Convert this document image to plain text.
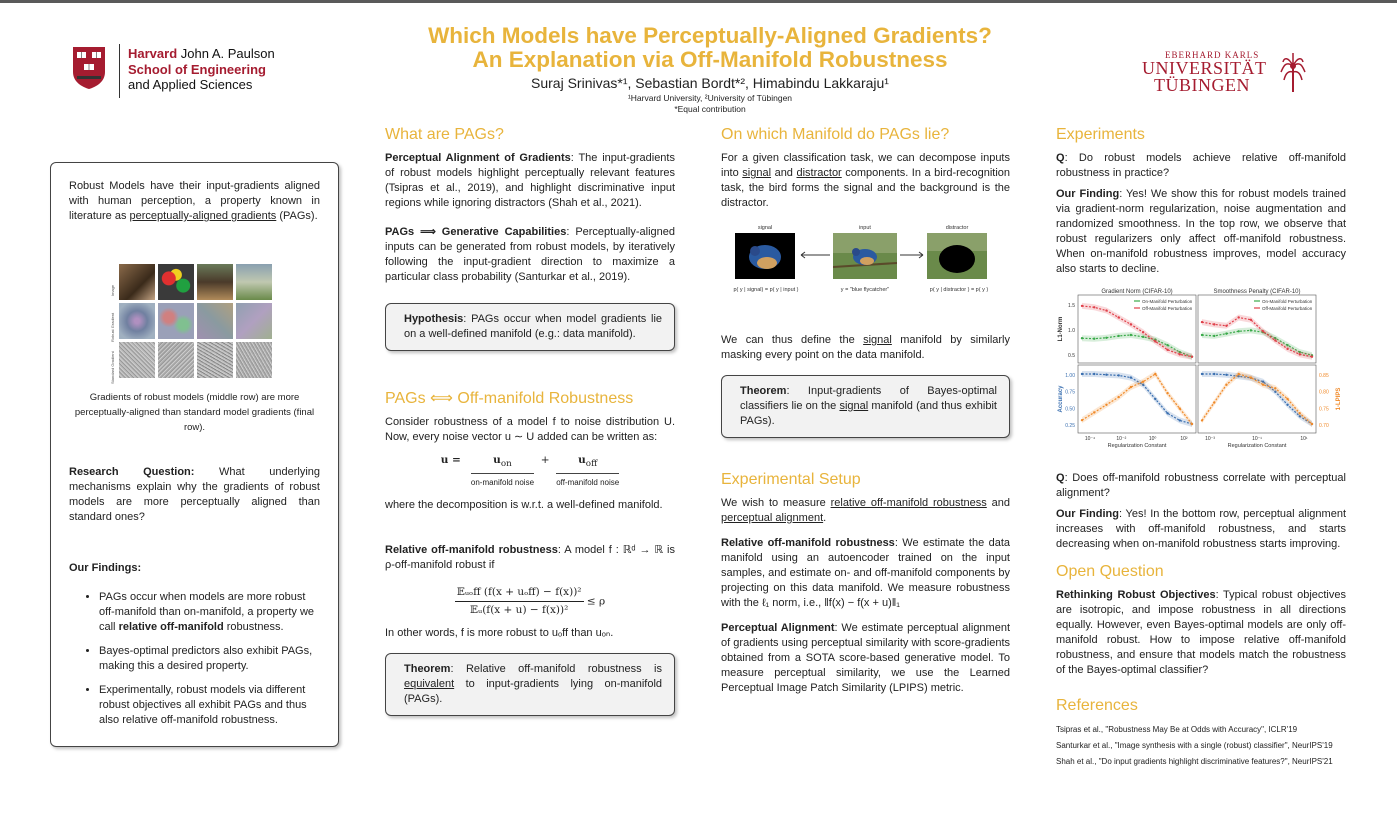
Harvard John A. Paulson
School of Engineering
and Applied Sciences
Which Models have Perceptually-Aligned Gradients?
An Explanation via Off-Manifold Robustness
Suraj Srinivas*¹, Sebastian Bordt*², Himabindu Lakkaraju¹
¹Harvard University, ²University of Tübingen
*Equal contribution
EBERHARD KARLS
UNIVERSITÄT
TÜBINGEN

Robust Models have their input-gradients aligned with human perception, a property known in literature as perceptually-aligned gradients (PAGs).

Image
Robust Gradient
Standard Gradient

Gradients of robust models (middle row) are more perceptually-aligned than standard model gradients (final row).

Research Question: What underlying mechanisms explain why the gradients of robust models are more perceptually aligned than standard ones?

Our Findings:

• PAGs occur when models are more robust off-manifold than on-manifold, a property we call relative off-manifold robustness.
• Bayes-optimal predictors also exhibit PAGs, making this a desired property.
• Experimentally, robust models via different robust objectives all exhibit PAGs and thus also relative off-manifold robustness.
What are PAGs?

Perceptual Alignment of Gradients: The input-gradients of robust models highlight perceptually relevant features (Tsipras et al., 2019), and highlight discriminative input regions while ignoring distractors (Shah et al., 2021).

PAGs ⟹ Generative Capabilities: Perceptually-aligned inputs can be generated from robust models, by iteratively following the input-gradient direction to maximize a particular class probability (Santurkar et al., 2019).

Hypothesis: PAGs occur when model gradients lie on a well-defined manifold (e.g.: data manifold).
PAGs ⟺ Off-manifold Robustness

Consider robustness of a model f to noise distribution U. Now, every noise vector u ∼ U added can be written as:

u =	$u_{on}$
on-manifold noise
+	$u_{off}$
off-manifold noise

where the decomposition is w.r.t. a well-defined manifold.

Relative off-manifold robustness: A model f : ℝᵈ → ℝ is ρ-off-manifold robust if

$\frac{\text{𝔼ᵤₒff (f(x + uₒff) − f(x))²}}{\text{𝔼ᵤ(f(x + u) − f(x))²}} \le \rho$

In other words, f is more robust to uₒff than uₒₙ.

Theorem: Relative off-manifold robustness is equivalent to input-gradients lying on-manifold (PAGs).
On which Manifold do PAGs lie?

For a given classification task, we can decompose inputs into signal and distractor components. In a bird-recognition task, the bird forms the signal and the background is the distractor.

signal	input	distractor
p( y | signal) = p( y | input )	y = "blue flycatcher"	p( y | distractor ) = p( y )

We can thus define the signal manifold by similarly masking every point on the data manifold.

Theorem: Input-gradients of Bayes-optimal classifiers lie on the signal manifold (and thus exhibit PAGs).
Experimental Setup

We wish to measure relative off-manifold robustness and perceptual alignment.

Relative off-manifold robustness: We estimate the data manifold using an autoencoder trained on the input samples, and estimate on- and off-manifold components by projecting on this data manifold. We measure robustness with the ℓ₁ norm, i.e., ‖f(x) − f(x + u)‖₁

Perceptual Alignment: We estimate perceptual alignment of gradients using perceptual similarity with score-gradients obtained from a SOTA score-based generative model. To measure perceptual similarity, we use the Learned Perceptual Image Patch Similarity (LPIPS) metric.

Experiments

Q: Do robust models achieve relative off-manifold robustness in practice?

Our Finding: Yes! We show this for robust models trained via gradient-norm regularization, noise augmentation and randomized smoothness. In the top row, we observe that robust regularizers only affect off-manifold robustness. When on-manifold robustness improves, model accuracy also starts to decline.

Gradient Norm (CIFAR-10)
On-Manifold Perturbation
Off-Manifold Perturbation
0.5
1.0
1.5
L1-Norm
Smoothness Penalty (CIFAR-10)
On-Manifold Perturbation
Off-Manifold Perturbation
0.25
0.50
0.75
1.00
Accuracy
10⁻⁴	10⁻²	10⁰	10²
Regularization Constant
0.70
0.75
0.80
0.85
1-LPIPS
10⁻³	10⁻¹	10¹
Regularization Constant

Q: Does off-manifold robustness correlate with perceptual alignment?

Our Finding: Yes! In the bottom row, perceptual alignment increases with off-manifold robustness, and starts decreasing when on-manifold robustness starts improving.

Open Question

Rethinking Robust Objectives: Typical robust objectives are isotropic, and impose robustness in all directions equally. However, even Bayes-optimal models are only off-manifold robust. How to impose relative off-manifold robustness, and ensure that models match the robustness of the Bayes-optimal classifier?

References
Tsipras et al., "Robustness May Be at Odds with Accuracy", ICLR'19
Santurkar et al., "Image synthesis with a single (robust) classifier", NeurIPS'19
Shah et al., "Do input gradients highlight discriminative features?", NeurIPS'21
